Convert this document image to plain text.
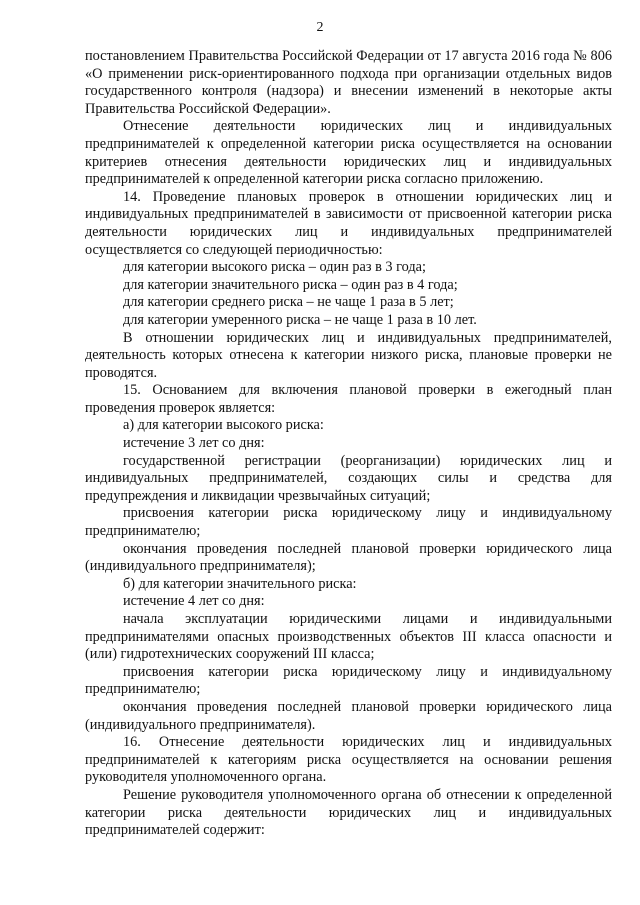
2

постановлением Правительства Российской Федерации от 17 августа 2016 года № 806 «О применении риск-ориентированного подхода при организации отдельных видов государственного контроля (надзора) и внесении изменений в некоторые акты Правительства Российской Федерации».

Отнесение деятельности юридических лиц и индивидуальных предпринимателей к определенной категории риска осуществляется на основании критериев отнесения деятельности юридических лиц и индивидуальных предпринимателей к определенной категории риска согласно приложению.

14. Проведение плановых проверок в отношении юридических лиц и индивидуальных предпринимателей в зависимости от присвоенной категории риска деятельности юридических лиц и индивидуальных предпринимателей осуществляется со следующей периодичностью:

для категории высокого риска – один раз в 3 года;

для категории значительного риска – один раз в 4 года;

для категории среднего риска – не чаще 1 раза в 5 лет;

для категории умеренного риска – не чаще 1 раза в 10 лет.

В отношении юридических лиц и индивидуальных предпринимателей, деятельность которых отнесена к категории низкого риска, плановые проверки не проводятся.

15. Основанием для включения плановой проверки в ежегодный план проведения проверок является:

а) для категории высокого риска:

истечение 3 лет со дня:

государственной регистрации (реорганизации) юридических лиц и индивидуальных предпринимателей, создающих силы и средства для предупреждения и ликвидации чрезвычайных ситуаций;

присвоения категории риска юридическому лицу и индивидуальному предпринимателю;

окончания проведения последней плановой проверки юридического лица (индивидуального предпринимателя);

б) для категории значительного риска:

истечение 4 лет со дня:

начала эксплуатации юридическими лицами и индивидуальными предпринимателями опасных производственных объектов III класса опасности и (или) гидротехнических сооружений III класса;

присвоения категории риска юридическому лицу и индивидуальному предпринимателю;

окончания проведения последней плановой проверки юридического лица (индивидуального предпринимателя).

16. Отнесение деятельности юридических лиц и индивидуальных предпринимателей к категориям риска осуществляется на основании решения руководителя уполномоченного органа.

Решение руководителя уполномоченного органа об отнесении к определенной категории риска деятельности юридических лиц и индивидуальных предпринимателей содержит:
